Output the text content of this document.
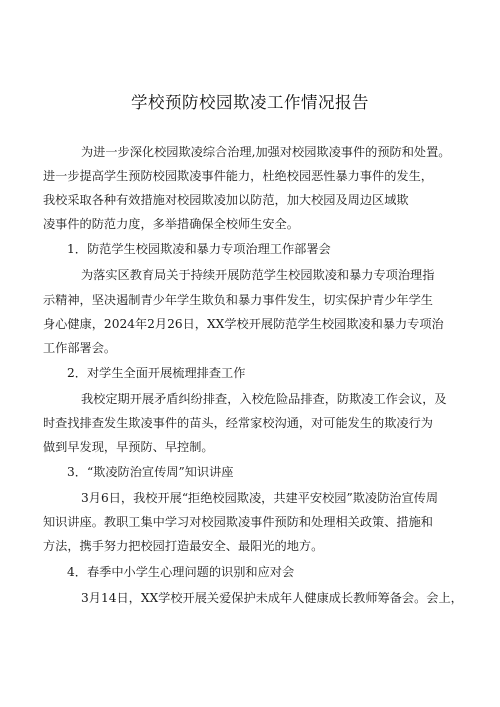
学校预防校园欺凌工作情况报告
为进一步深化校园欺凌综合治理,加强对校园欺凌事件的预防和处置。
进一步提高学生预防校园欺凌事件能力，杜绝校园恶性暴力事件的发生，
我校采取各种有效措施对校园欺凌加以防范，加大校园及周边区域欺
凌事件的防范力度，多举措确保全校师生安全。
1．防范学生校园欺凌和暴力专项治理工作部署会
为落实区教育局关于持续开展防范学生校园欺凌和暴力专项治理指
示精神，坚决遏制青少年学生欺负和暴力事件发生，切实保护青少年学生
身心健康，2024年2月26日，XX学校开展防范学生校园欺凌和暴力专项治
工作部署会。
2．对学生全面开展梳理排查工作
我校定期开展矛盾纠纷排查，入校危险品排查，防欺凌工作会议，及
时查找排查发生欺凌事件的苗头，经常家校沟通，对可能发生的欺凌行为
做到早发现，早预防、早控制。
3．“欺凌防治宣传周”知识讲座
3月6日，我校开展“拒绝校园欺凌，共建平安校园”欺凌防治宣传周
知识讲座。教职工集中学习对校园欺凌事件预防和处理相关政策、措施和
方法，携手努力把校园打造最安全、最阳光的地方。
4．春季中小学生心理问题的识别和应对会
3月14日，XX学校开展关爱保护未成年人健康成长教师筹备会。会上，
